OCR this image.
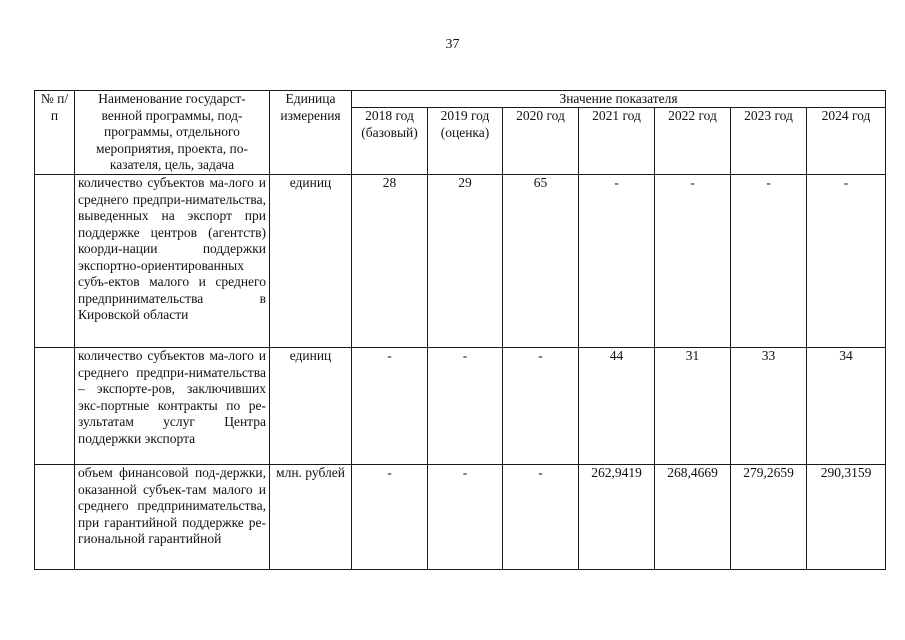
37
№ п/п	Наименование государст-венной программы, под-программы, отдельного мероприятия, проекта, по-казателя, цель, задача	Единица измерения	Значение показателя						
			2018 год (базовый)	2019 год (оценка)	2020 год	2021 год	2022 год	2023 год	2024 год
	количество субъектов ма-лого и среднего предпри-нимательства, выведенных на экспорт при поддержке центров (агентств) коорди-нации поддержки экспортно-ориентированных субъ-ектов малого и среднего предпринимательства в Кировской области	единиц	28	29	65	-	-	-	-
	количество субъектов ма-лого и среднего предпри-нимательства – экспорте-ров, заключивших экс-портные контракты по ре-зультатам услуг Центра поддержки экспорта	единиц	-	-	-	44	31	33	34
	объем финансовой под-держки, оказанной субъек-там малого и среднего предпринимательства, при гарантийной поддержке ре-гиональной гарантийной	млн. рублей	-	-	-	262,9419	268,4669	279,2659	290,3159
